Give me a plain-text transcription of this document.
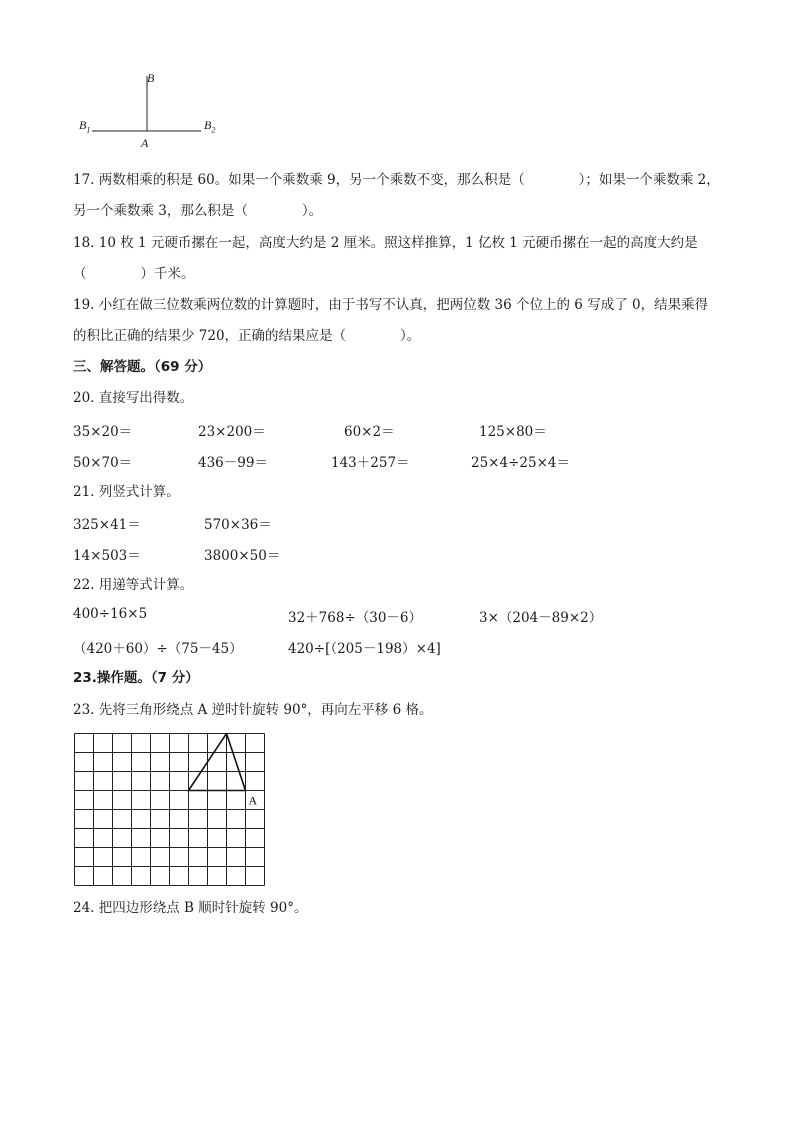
B
$B_1$	$B_2$
A
17. 两数相乘的积是 60。如果一个乘数乘 9，另一个乘数不变，那么积是（　　　　）；如果一个乘数乘 2，
另一个乘数乘 3，那么积是（　　　　）。
18. 10 枚 1 元硬币摞在一起，高度大约是 2 厘米。照这样推算，1 亿枚 1 元硬币摞在一起的高度大约是
（　　　　）千米。
19. 小红在做三位数乘两位数的计算题时，由于书写不认真，把两位数 36 个位上的 6 写成了 0，结果乘得
的积比正确的结果少 720，正确的结果应是（　　　　）。
三、解答题。（69 分）
20. 直接写出得数。
35×20＝	23×200＝	60×2＝	125×80＝
50×70＝	436－99＝	143＋257＝	25×4÷25×4＝
21. 列竖式计算。
325×41＝	570×36＝
14×503＝	3800×50＝
22. 用递等式计算。
400÷16×5	32＋768÷（30－6）	3×（204－89×2）
（420＋60）÷（75－45）	420÷[（205－198）×4]
23.操作题。（7 分）
23. 先将三角形绕点 A 逆时针旋转 90°，再向左平移 6 格。
A
24. 把四边形绕点 B 顺时针旋转 90°。
